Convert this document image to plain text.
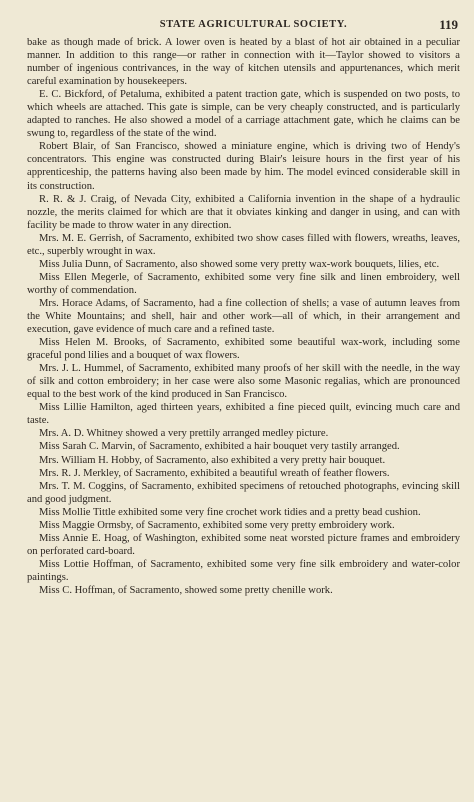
STATE AGRICULTURAL SOCIETY.	119

bake as though made of brick. A lower oven is heated by a blast of hot air obtained in a peculiar manner. In addition to this range—or rather in connection with it—Taylor showed to visitors a number of ingenious contrivances, in the way of kitchen utensils and appurtenances, which merit careful examination by housekeepers.

E. C. Bickford, of Petaluma, exhibited a patent traction gate, which is suspended on two posts, to which wheels are attached. This gate is simple, can be very cheaply constructed, and is particularly adapted to ranches. He also showed a model of a carriage attachment gate, which he claims can be swung to, regardless of the state of the wind.

Robert Blair, of San Francisco, showed a miniature engine, which is driving two of Hendy's concentrators. This engine was constructed during Blair's leisure hours in the first year of his apprenticeship, the patterns having also been made by him. The model evinced considerable skill in its construction.

R. R. & J. Craig, of Nevada City, exhibited a California invention in the shape of a hydraulic nozzle, the merits claimed for which are that it obviates kinking and danger in using, and can with facility be made to throw water in any direction.

Mrs. M. E. Gerrish, of Sacramento, exhibited two show cases filled with flowers, wreaths, leaves, etc., superbly wrought in wax.

Miss Julia Dunn, of Sacramento, also showed some very pretty wax-work bouquets, lilies, etc.

Miss Ellen Megerle, of Sacramento, exhibited some very fine silk and linen embroidery, well worthy of commendation.

Mrs. Horace Adams, of Sacramento, had a fine collection of shells; a vase of autumn leaves from the White Mountains; and shell, hair and other work—all of which, in their arrangement and execution, gave evidence of much care and a refined taste.

Miss Helen M. Brooks, of Sacramento, exhibited some beautiful wax-work, including some graceful pond lilies and a bouquet of wax flowers.

Mrs. J. L. Hummel, of Sacramento, exhibited many proofs of her skill with the needle, in the way of silk and cotton embroidery; in her case were also some Masonic regalias, which are pronounced equal to the best work of the kind produced in San Francisco.

Miss Lillie Hamilton, aged thirteen years, exhibited a fine pieced quilt, evincing much care and taste.

Mrs. A. D. Whitney showed a very prettily arranged medley picture.

Miss Sarah C. Marvin, of Sacramento, exhibited a hair bouquet very tastily arranged.

Mrs. William H. Hobby, of Sacramento, also exhibited a very pretty hair bouquet.

Mrs. R. J. Merkley, of Sacramento, exhibited a beautiful wreath of feather flowers.

Mrs. T. M. Coggins, of Sacramento, exhibited specimens of retouched photographs, evincing skill and good judgment.

Miss Mollie Tittle exhibited some very fine crochet work tidies and a pretty bead cushion.

Miss Maggie Ormsby, of Sacramento, exhibited some very pretty embroidery work.

Miss Annie E. Hoag, of Washington, exhibited some neat worsted picture frames and embroidery on perforated card-board.

Miss Lottie Hoffman, of Sacramento, exhibited some very fine silk embroidery and water-color paintings.

Miss C. Hoffman, of Sacramento, showed some pretty chenille work.
